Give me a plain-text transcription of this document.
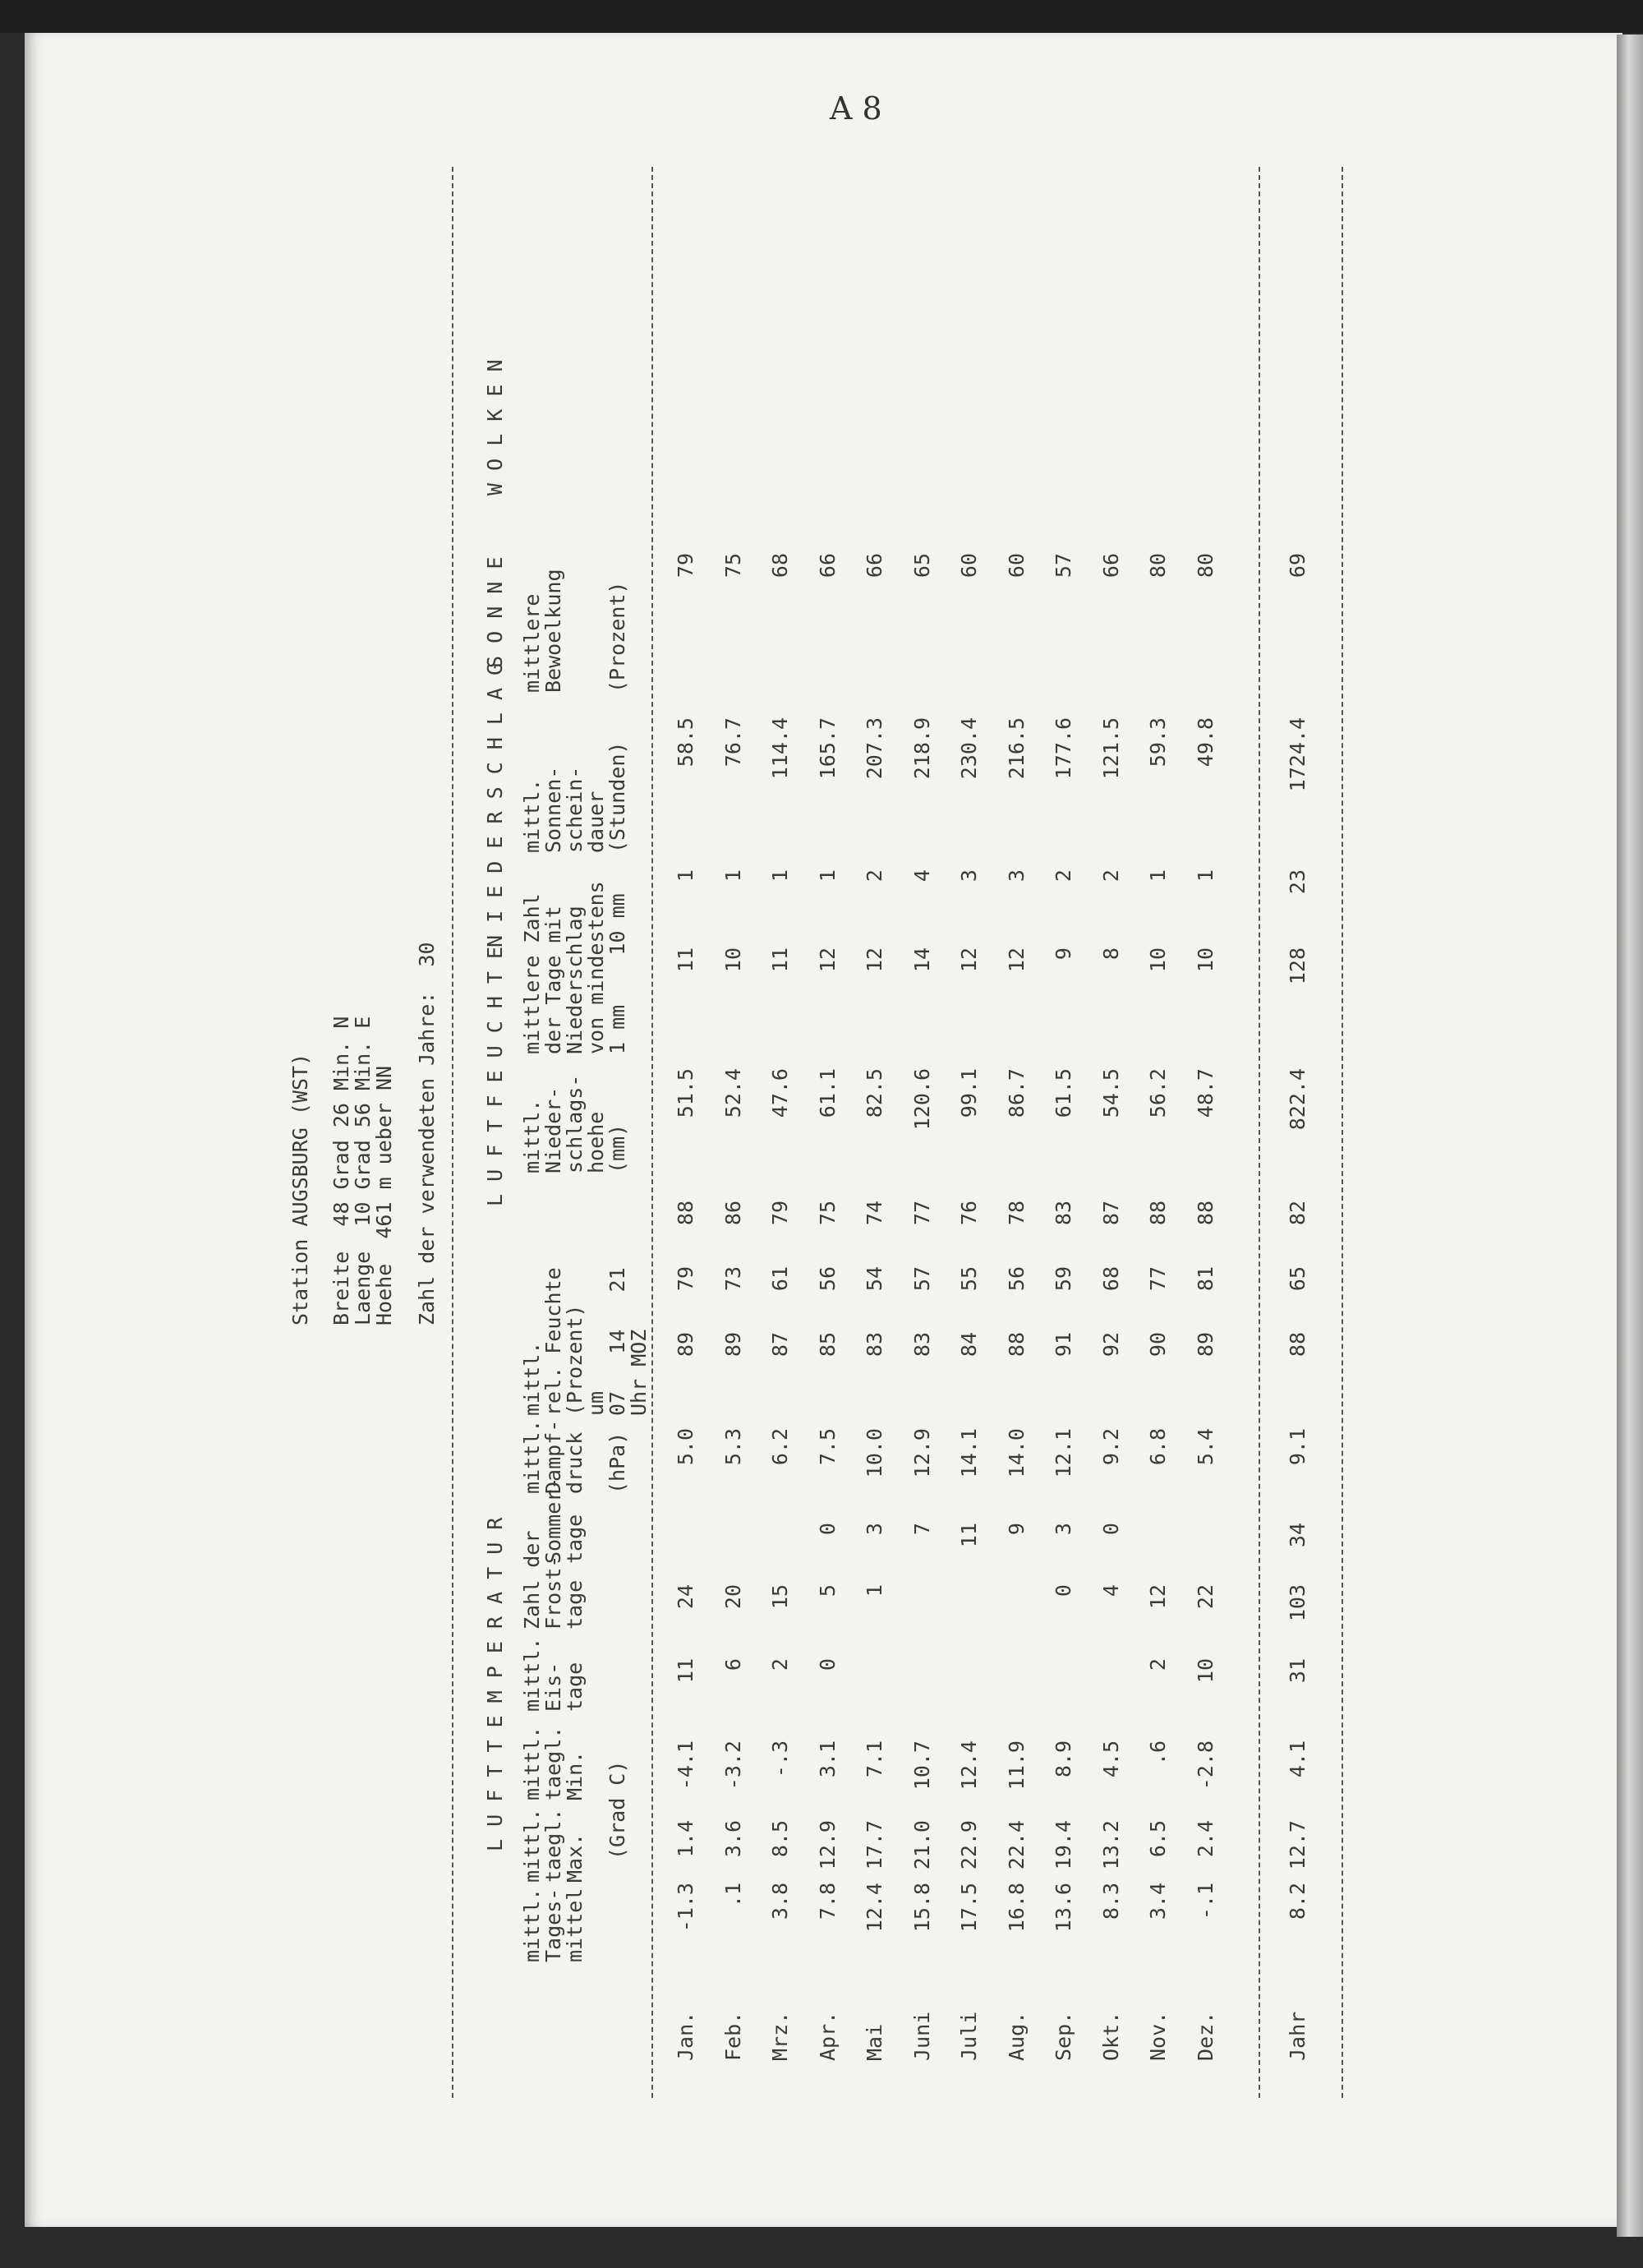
A 8
Station AUGSBURG (WST) Breite  48 Grad 26 Min. N
Laenge  10 Grad 56 Min. E
Hoehe  461 m ueber NN Zahl der verwendeten Jahre:  30
L U F T T E M P E R A T U R
L U F T F E U C H T E
N I E D E R S C H L A G
S O N N E
W O L K E N
mittl.
Tages-
mittel
mittl.
taegl.
Max.
mittl.
taegl.
Min.
mittl.
Eis-
tage
Zahl der
Frost-
tage
Sommer-
tage
mittl.
Dampf-
druck (hPa)
mittl.
rel. Feuchte
(Prozent)
um
07   14   21
Uhr MOZ
mittl.
Nieder-
schlags-
hoehe
(mm)
mittlere Zahl
der Tage mit
Niederschlag
von mindestens
1 mm    10 mm
mittl.
Sonnen-
schein-
dauer
(Stunden)
mittlere
Bewoelkung (Prozent)
(Grad C)
Jan.
-1.3
1.4
-4.1
11
24
5.0
89
79
88
51.5
11
1
58.5
79
Feb.
.1
3.6
-3.2
6
20
5.3
89
73
86
52.4
10
1
76.7
75
Mrz.
3.8
8.5
-.3
2
15
6.2
87
61
79
47.6
11
1
114.4
68
Apr.
7.8
12.9
3.1
0
5
0
7.5
85
56
75
61.1
12
1
165.7
66
Mai
12.4
17.7
7.1
1
3
10.0
83
54
74
82.5
12
2
207.3
66
Juni
15.8
21.0
10.7
7
12.9
83
57
77
120.6
14
4
218.9
65
Juli
17.5
22.9
12.4
11
14.1
84
55
76
99.1
12
3
230.4
60
Aug.
16.8
22.4
11.9
9
14.0
88
56
78
86.7
12
3
216.5
60
Sep.
13.6
19.4
8.9
0
3
12.1
91
59
83
61.5
9
2
177.6
57
Okt.
8.3
13.2
4.5
4
0
9.2
92
68
87
54.5
8
2
121.5
66
Nov.
3.4
6.5
.6
2
12
6.8
90
77
88
56.2
10
1
59.3
80
Dez.
-.1
2.4
-2.8
10
22
5.4
89
81
88
48.7
10
1
49.8
80
Jahr
8.2
12.7
4.1
31
103
34
9.1
88
65
82
822.4
128
23
1724.4
69
